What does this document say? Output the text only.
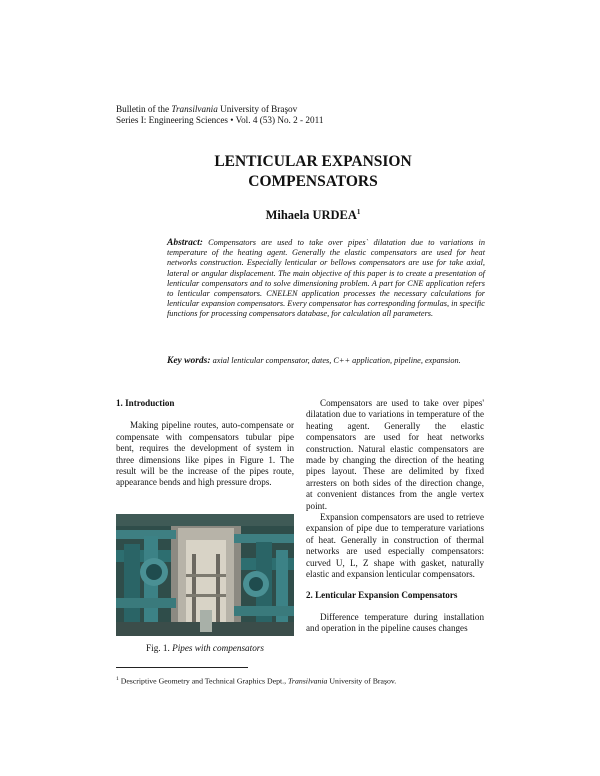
Bulletin of the Transilvania University of Braşov
Series I: Engineering Sciences • Vol. 4 (53) No. 2 - 2011
LENTICULAR EXPANSION
COMPENSATORS
Mihaela URDEA$^1$
Abstract: Compensators are used to take over pipes` dilatation due to variations in temperature of the heating agent. Generally the elastic compensators are used for heat networks construction. Especially lenticular or bellows compensators are use for take axial, lateral or angular displacement. The main objective of this paper is to create a presentation of lenticular compensators and to solve dimensioning problem. A part for CNE application refers to lenticular compensators. CNELEN application processes the necessary calculations for lenticular expansion compensators. Every compensator has corresponding formulas, in specific functions for processing compensators database, for calculation all parameters.
Key words: axial lenticular compensator, dates, C++ application, pipeline, expansion.
1. Introduction

Making pipeline routes, auto-compensate or compensate with compensators tubular pipe bent, requires the development of system in three dimensions like pipes in Figure 1. The result will be the increase of the pipes route, appearance bends and high pressure drops.

Fig. 1. Pipes with compensators

Compensators are used to take over pipes' dilatation due to variations in temperature of the heating agent. Generally the elastic compensators are used for heat networks construction. Natural elastic compensators are made by changing the direction of the heating pipes layout. These are delimited by fixed arresters on both sides of the direction change, at convenient distances from the angle vertex point.

Expansion compensators are used to retrieve expansion of pipe due to temperature variations of heat. Generally in construction of thermal networks are used especially compensators: curved U, L, Z shape with gasket, naturally elastic and expansion lenticular compensators.

2. Lenticular Expansion Compensators

Difference temperature during installation and operation in the pipeline causes changes

$^1$ Descriptive Geometry and Technical Graphics Dept., Transilvania University of Braşov.
